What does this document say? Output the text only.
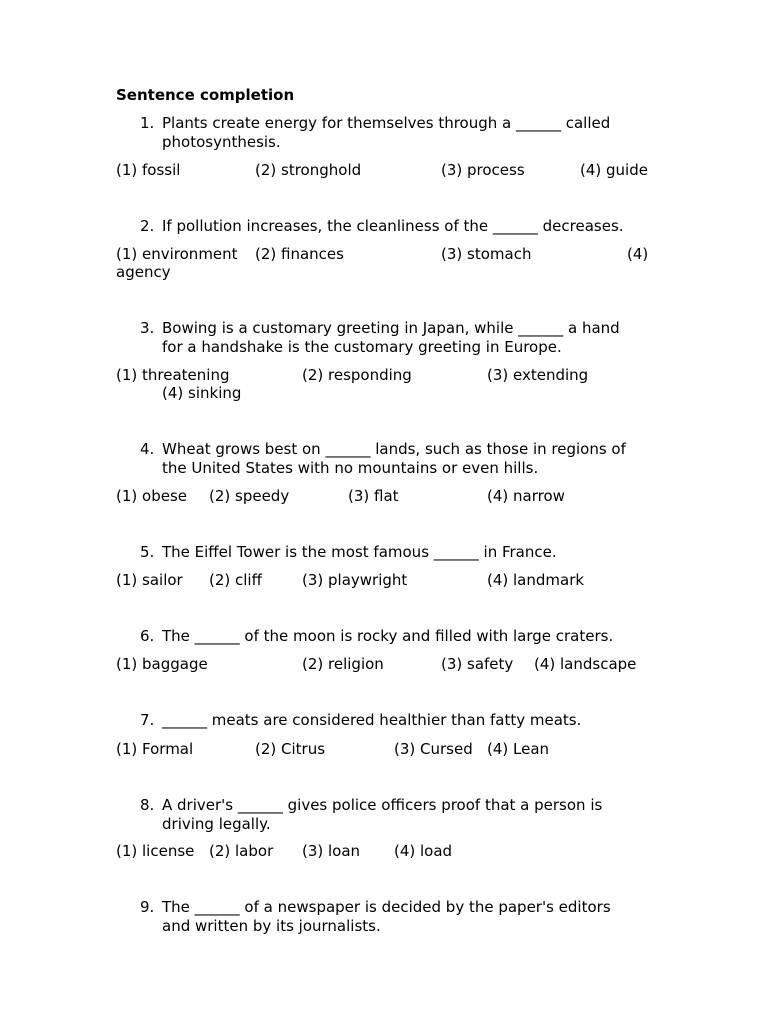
Sentence completion
1. Plants create energy for themselves through a ______ called photosynthesis.
(1) fossil	(2) stronghold	(3) process	(4) guide
2. If pollution increases, the cleanliness of the ______ decreases.
(1) environment (2) finances	(3) stomach	(4)
agency
3. Bowing is a customary greeting in Japan, while ______ a hand for a handshake is the customary greeting in Europe.
(1) threatening	(2) responding	(3) extending
(4) sinking
4. Wheat grows best on ______ lands, such as those in regions of the United States with no mountains or even hills.
(1) obese (2) speedy	(3) flat	(4) narrow
5. The Eiffel Tower is the most famous ______ in France.
(1) sailor (2) cliff	(3) playwright	(4) landmark
6. The ______ of the moon is rocky and filled with large craters.
(1) baggage	(2) religion	(3) safety (4) landscape
7. ______ meats are considered healthier than fatty meats.
(1) Formal	(2) Citrus	(3) Cursed (4) Lean
8. A driver's ______ gives police officers proof that a person is driving legally.
(1) license (2) labor (3) loan (4) load
9. The ______ of a newspaper is decided by the paper's editors and written by its journalists.
